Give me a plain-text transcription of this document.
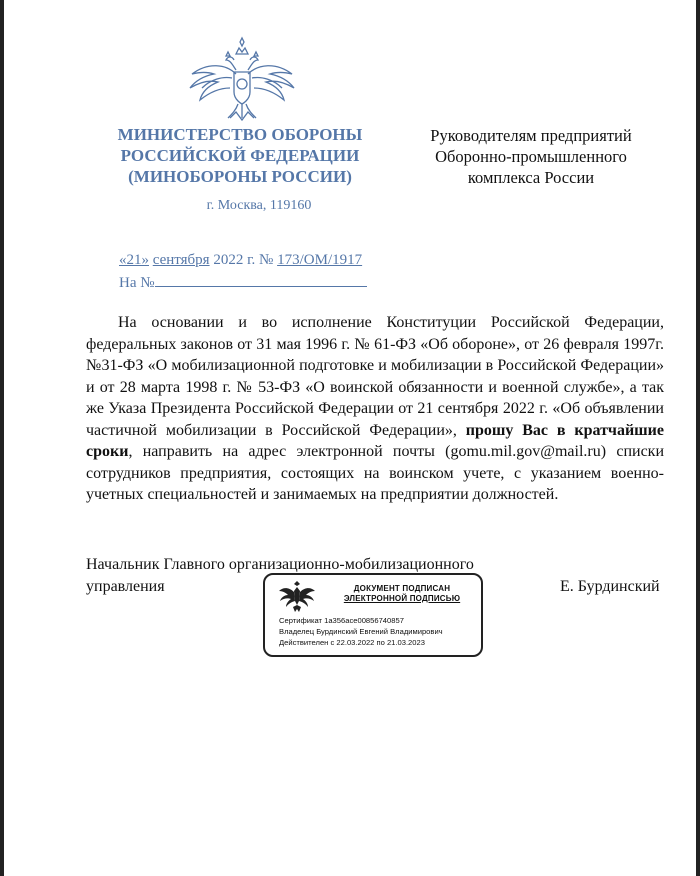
МИНИСТЕРСТВО ОБОРОНЫ
РОССИЙСКОЙ ФЕДЕРАЦИИ
(МИНОБОРОНЫ РОССИИ)
г. Москва, 119160
Руководителям предприятий
Оборонно-промышленного
комплекса России
«21» сентября 2022 г. № 173/ОМ/1917
На №
На основании и во исполнение Конституции Российской Федерации, федеральных законов от 31 мая 1996 г. № 61-ФЗ «Об обороне», от 26 февраля 1997г. №31-ФЗ «О мобилизационной подготовке и мобилизации в Российской Федерации» и от 28 марта 1998 г. № 53-ФЗ «О воинской обязанности и военной службе», а так же Указа Президента Российской Федерации от 21 сентября 2022 г. «Об объявлении частичной мобилизации в Российской Федерации», прошу Вас в кратчайшие сроки, направить на адрес электронной почты (gomu.mil.gov@mail.ru) списки сотрудников предприятия, состоящих на воинском учете, с указанием военно-учетных специальностей и занимаемых на предприятии должностей.
Начальник Главного организационно-мобилизационного
управления	Е. Бурдинский
ДОКУМЕНТ ПОДПИСАН
ЭЛЕКТРОННОЙ ПОДПИСЬЮ
Сертификат 1a356ace00856740857
Владелец Бурдинский Евгений Владимирович
Действителен с 22.03.2022 по 21.03.2023
